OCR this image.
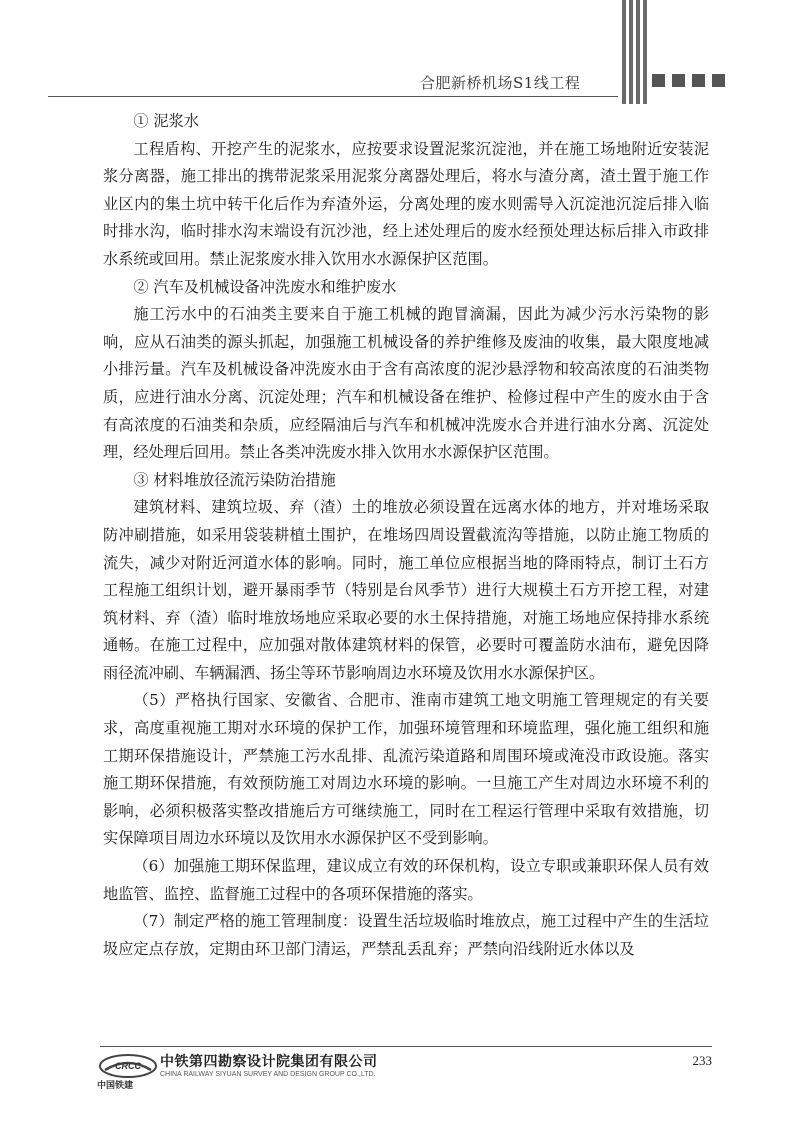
合肥新桥机场S1线工程

① 泥浆水

工程盾构、开挖产生的泥浆水，应按要求设置泥浆沉淀池，并在施工场地附近安装泥浆分离器，施工排出的携带泥浆采用泥浆分离器处理后，将水与渣分离，渣土置于施工作业区内的集土坑中转干化后作为弃渣外运，分离处理的废水则需导入沉淀池沉淀后排入临时排水沟，临时排水沟末端设有沉沙池，经上述处理后的废水经预处理达标后排入市政排水系统或回用。禁止泥浆废水排入饮用水水源保护区范围。

② 汽车及机械设备冲洗废水和维护废水

施工污水中的石油类主要来自于施工机械的跑冒滴漏，因此为减少污水污染物的影响，应从石油类的源头抓起，加强施工机械设备的养护维修及废油的收集，最大限度地减小排污量。汽车及机械设备冲洗废水由于含有高浓度的泥沙悬浮物和较高浓度的石油类物质，应进行油水分离、沉淀处理；汽车和机械设备在维护、检修过程中产生的废水由于含有高浓度的石油类和杂质，应经隔油后与汽车和机械冲洗废水合并进行油水分离、沉淀处理，经处理后回用。禁止各类冲洗废水排入饮用水水源保护区范围。

③ 材料堆放径流污染防治措施

建筑材料、建筑垃圾、弃（渣）土的堆放必须设置在远离水体的地方，并对堆场采取防冲刷措施，如采用袋装耕植土围护，在堆场四周设置截流沟等措施，以防止施工物质的流失，减少对附近河道水体的影响。同时，施工单位应根据当地的降雨特点，制订土石方工程施工组织计划，避开暴雨季节（特别是台风季节）进行大规模土石方开挖工程，对建筑材料、弃（渣）临时堆放场地应采取必要的水土保持措施，对施工场地应保持排水系统通畅。在施工过程中，应加强对散体建筑材料的保管，必要时可覆盖防水油布，避免因降雨径流冲刷、车辆漏洒、扬尘等环节影响周边水环境及饮用水水源保护区。

（5）严格执行国家、安徽省、合肥市、淮南市建筑工地文明施工管理规定的有关要求，高度重视施工期对水环境的保护工作，加强环境管理和环境监理，强化施工组织和施工期环保措施设计，严禁施工污水乱排、乱流污染道路和周围环境或淹没市政设施。落实施工期环保措施，有效预防施工对周边水环境的影响。一旦施工产生对周边水环境不利的影响，必须积极落实整改措施后方可继续施工，同时在工程运行管理中采取有效措施，切实保障项目周边水环境以及饮用水水源保护区不受到影响。

（6）加强施工期环保监理，建议成立有效的环保机构，设立专职或兼职环保人员有效地监管、监控、监督施工过程中的各项环保措施的落实。

（7）制定严格的施工管理制度：设置生活垃圾临时堆放点，施工过程中产生的生活垃圾应定点存放，定期由环卫部门清运，严禁乱丢乱弃；严禁向沿线附近水体以及

CRCC
中国铁建
中铁第四勘察设计院集团有限公司
CHINA RAILWAY SIYUAN SURVEY AND DESIGN GROUP CO.,LTD.
233
